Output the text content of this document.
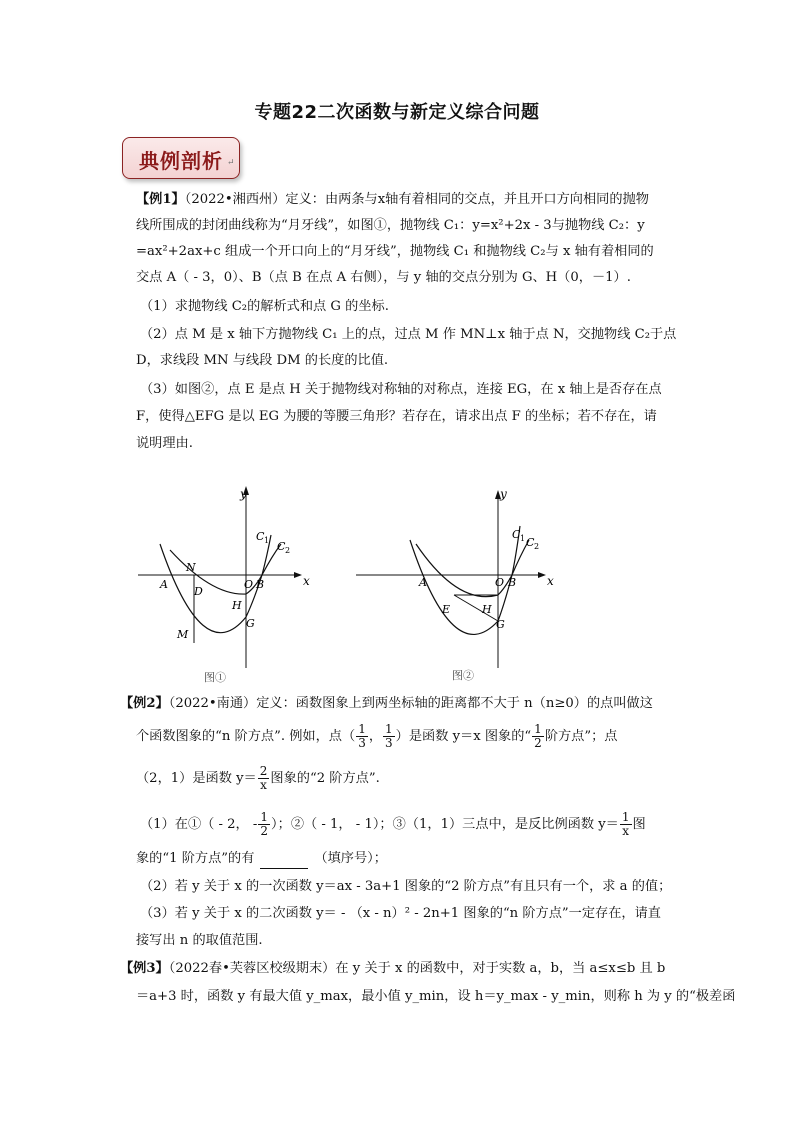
专题22二次函数与新定义综合问题
典例剖析 ↵
【例1】（2022•湘西州）定义：由两条与x轴有着相同的交点，并且开口方向相同的抛物
线所围成的封闭曲线称为“月牙线”，如图①，抛物线 C₁：y=x²+2x - 3与抛物线 C₂：y
=ax²+2ax+c 组成一个开口向上的“月牙线”，抛物线 C₁ 和抛物线 C₂与 x 轴有着相同的
交点 A（ - 3，0）、B（点 B 在点 A 右侧），与 y 轴的交点分别为 G、H（0，－1）.
（1）求抛物线 C₂的解析式和点 G 的坐标.
（2）点 M 是 x 轴下方抛物线 C₁ 上的点，过点 M 作 MN⊥x 轴于点 N，交抛物线 C₂于点
D，求线段 MN 与线段 DM 的长度的比值.
（3）如图②，点 E 是点 H 关于抛物线对称轴的对称点，连接 EG，在 x 轴上是否存在点
F，使得△EFG 是以 EG 为腰的等腰三角形？若存在，请求出点 F 的坐标；若不存在，请
说明理由.
y
x
C 1 C 2
N
A
D
O B
H
G
M
图①
y
x
C 1 C 2
A	O B
E	H
G
图②
【例2】（2022•南通）定义：函数图象上到两坐标轴的距离都不大于 n（n≥0）的点叫做这
个函数图象的“n 阶方点”. 例如，点（ $\frac{1}{3}$ ， $\frac{1}{3}$ ）是函数 y＝x 图象的“ $\frac{1}{2}$ 阶方点”；点
（2，1）是函数 $y= \frac{2}{x}$ 图象的“2 阶方点”.
（1）在①（ - 2， - $\frac{1}{2}$ ）；②（ - 1， - 1）；③（1，1）三点中，是反比例函数 $y= \frac{1}{x}$ 图
象的“1 阶方点”的有	（填序号）；
（2）若 y 关于 x 的一次函数 y＝ax - 3a+1 图象的“2 阶方点”有且只有一个，求 a 的值；
（3）若 y 关于 x 的二次函数 y＝ - （x - n）² - 2n+1 图象的“n 阶方点”一定存在，请直
接写出 n 的取值范围.
【例3】（2022春•芙蓉区校级期末）在 y 关于 x 的函数中，对于实数 a，b，当 a≤x≤b 且 b
＝a+3 时，函数 y 有最大值 y_max，最小值 y_min，设 h＝y_max - y_min，则称 h 为 y 的“极差函
